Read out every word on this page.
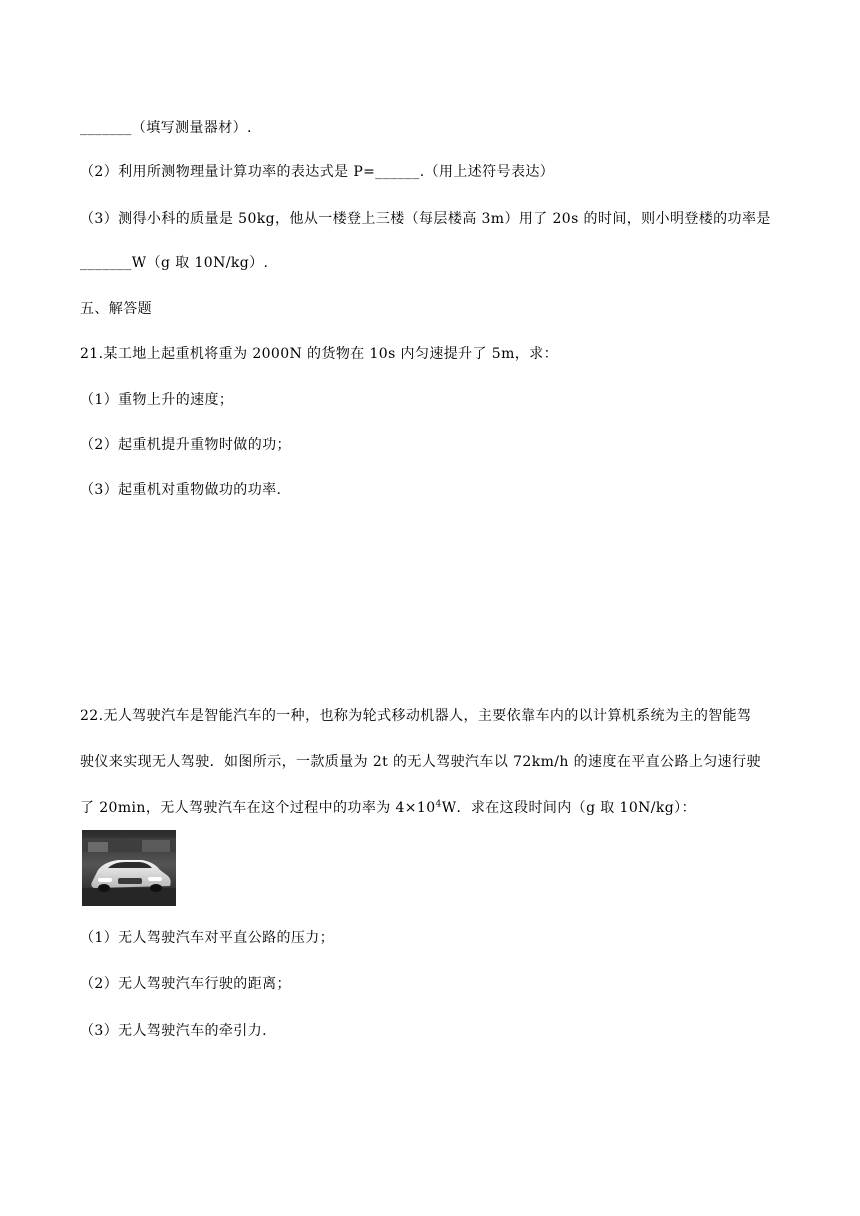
_______（填写测量器材）.
（2）利用所测物理量计算功率的表达式是 P=______.（用上述符号表达）
（3）测得小科的质量是 50kg，他从一楼登上三楼（每层楼高 3m）用了 20s 的时间，则小明登楼的功率是
_______W（g 取 10N/kg）.
五、解答题
21.某工地上起重机将重为 2000N 的货物在 10s 内匀速提升了 5m，求：
（1）重物上升的速度；
（2）起重机提升重物时做的功；
（3）起重机对重物做功的功率.
22.无人驾驶汽车是智能汽车的一种，也称为轮式移动机器人，主要依靠车内的以计算机系统为主的智能驾
驶仪来实现无人驾驶．如图所示，一款质量为 2t 的无人驾驶汽车以 72km/h 的速度在平直公路上匀速行驶
了 20min，无人驾驶汽车在这个过程中的功率为 $4\times 10^4W$．求在这段时间内（g 取 10N/kg）：
（1）无人驾驶汽车对平直公路的压力；
（2）无人驾驶汽车行驶的距离；
（3）无人驾驶汽车的牵引力.
